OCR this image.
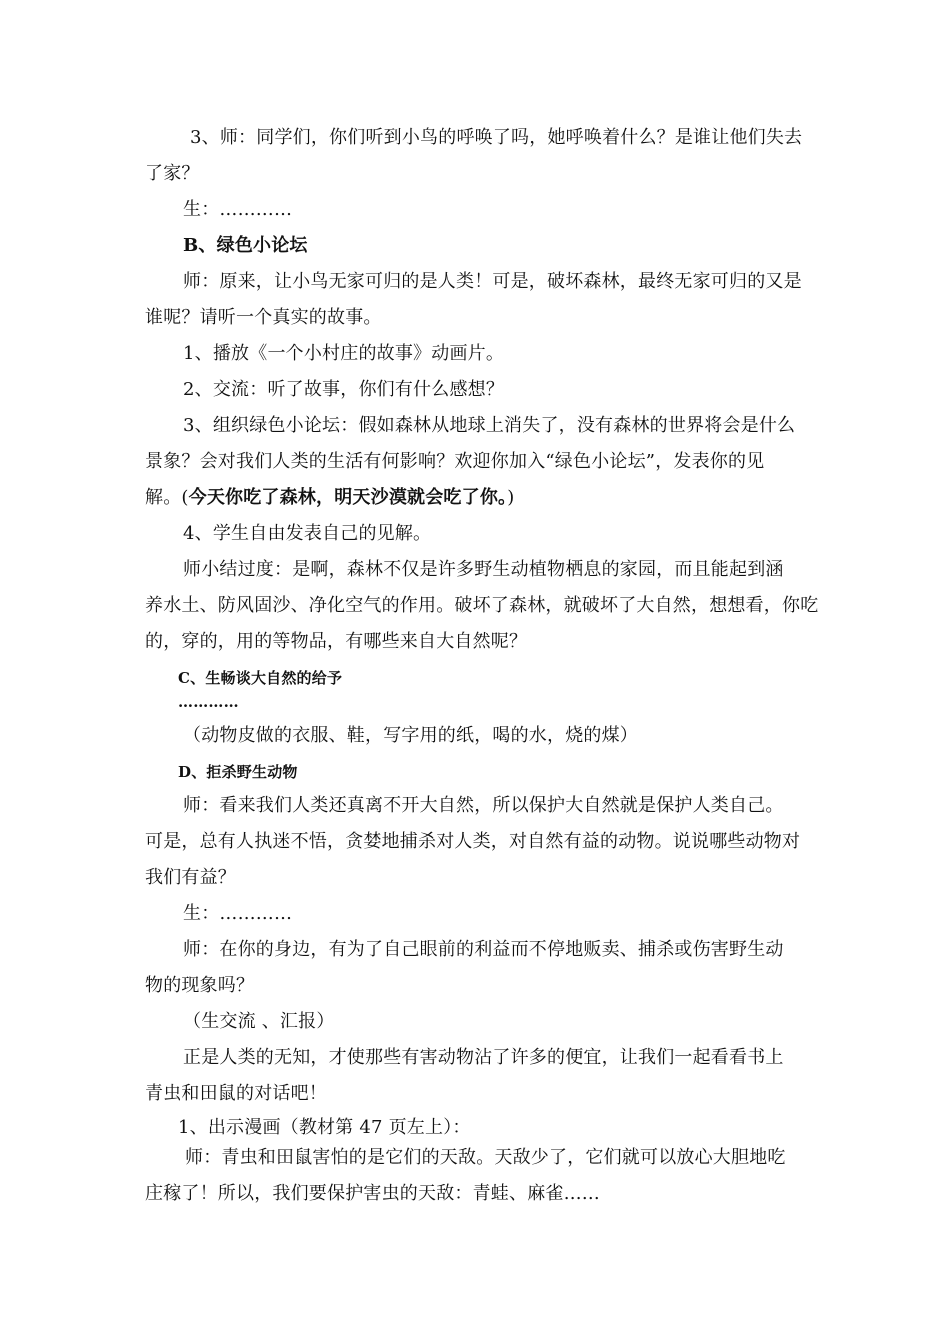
3、师：同学们，你们听到小鸟的呼唤了吗，她呼唤着什么？是谁让他们失去
了家？
生：…………
B、绿色小论坛
师：原来，让小鸟无家可归的是人类！可是，破坏森林，最终无家可归的又是
谁呢？请听一个真实的故事。
1、播放《一个小村庄的故事》动画片。
2、交流：听了故事，你们有什么感想？
3、组织绿色小论坛：假如森林从地球上消失了，没有森林的世界将会是什么
景象？会对我们人类的生活有何影响？欢迎你加入“绿色小论坛”，发表你的见
解。(今天你吃了森林，明天沙漠就会吃了你。)
4、学生自由发表自己的见解。
师小结过度：是啊，森林不仅是许多野生动植物栖息的家园，而且能起到涵
养水土、防风固沙、净化空气的作用。破坏了森林，就破坏了大自然，想想看，你吃
的，穿的，用的等物品，有哪些来自大自然呢？
C、生畅谈大自然的给予
…………
（动物皮做的衣服、鞋，写字用的纸，喝的水，烧的煤）
D、拒杀野生动物
师：看来我们人类还真离不开大自然，所以保护大自然就是保护人类自己。
可是，总有人执迷不悟，贪婪地捕杀对人类，对自然有益的动物。说说哪些动物对
我们有益？
生：…………
师：在你的身边，有为了自己眼前的利益而不停地贩卖、捕杀或伤害野生动
物的现象吗？
（生交流 、汇报）
正是人类的无知，才使那些有害动物沾了许多的便宜，让我们一起看看书上
青虫和田鼠的对话吧！
1、出示漫画（教材第 47 页左上）：
师：青虫和田鼠害怕的是它们的天敌。天敌少了，它们就可以放心大胆地吃
庄稼了！所以，我们要保护害虫的天敌：青蛙、麻雀……
